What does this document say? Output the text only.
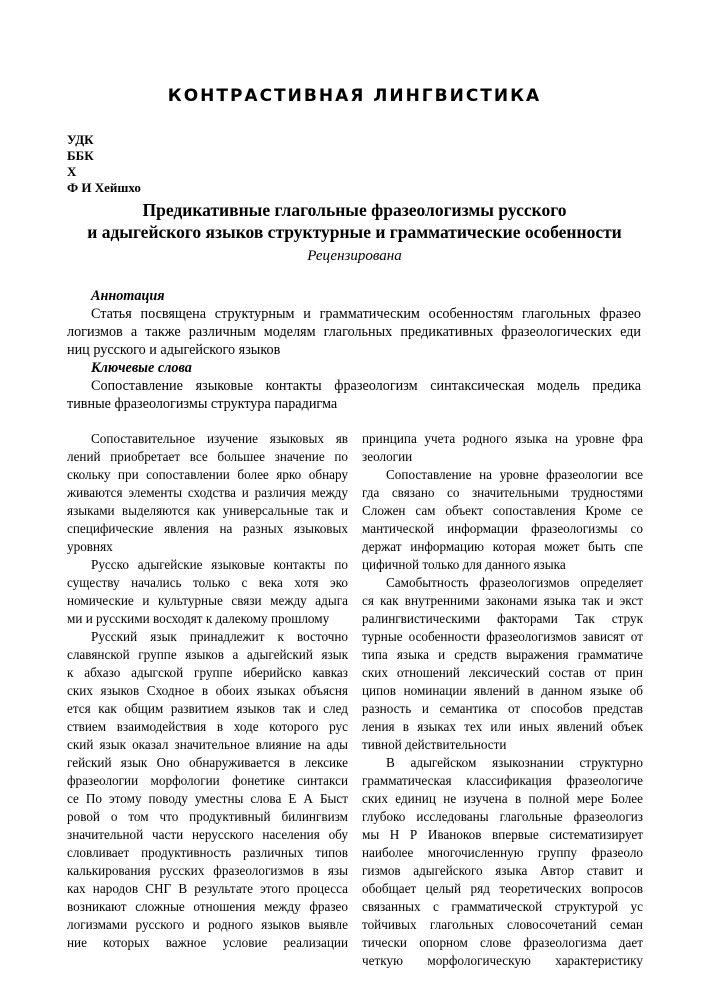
КОНТРАСТИВНАЯ ЛИНГВИСТИКА
УДК
ББК
Х
Ф И Хейшхо
Предикативные глагольные фразеологизмы русского
и адыгейского языков структурные и грамматические особенности
Рецензирована
Аннотация
Статья посвящена структурным и грамматическим особенностям глагольных фразео
логизмов а также различным моделям глагольных предикативных фразеологических еди
ниц русского и адыгейского языков
Ключевые слова
Сопоставление языковые контакты фразеологизм синтаксическая модель предика
тивные фразеологизмы структура парадигма
Сопоставительное изучение языковых яв
лений приобретает все большее значение по
скольку при сопоставлении более ярко обнару
живаются элементы сходства и различия между
языками выделяются как универсальные так и
специфические явления на разных языковых
уровнях
Русско адыгейские языковые контакты по
существу начались только с века хотя эко
номические и культурные связи между адыга
ми и русскими восходят к далекому прошлому
Русский язык принадлежит к восточно
славянской группе языков а адыгейский язык
к абхазо адыгской группе иберийско кавказ
ских языков Сходное в обоих языках объясня
ется как общим развитием языков так и след
ствием взаимодействия в ходе которого рус
ский язык оказал значительное влияние на ады
гейский язык Оно обнаруживается в лексике
фразеологии морфологии фонетике синтакси
се По этому поводу уместны слова Е А Быст
ровой о том что продуктивный билингвизм
значительной части нерусского населения обу
словливает продуктивность различных типов
калькирования русских фразеологизмов в язы
ках народов СНГ В результате этого процесса
возникают сложные отношения между фразео
логизмами русского и родного языков выявле
ние которых важное условие реализации
принципа учета родного языка на уровне фра
зеологии
Сопоставление на уровне фразеологии все
гда связано со значительными трудностями
Сложен сам объект сопоставления Кроме се
мантической информации фразеологизмы со
держат информацию которая может быть спе
цифичной только для данного языка
Самобытность фразеологизмов определяет
ся как внутренними законами языка так и экст
ралингвистическими факторами Так струк
турные особенности фразеологизмов зависят от
типа языка и средств выражения грамматиче
ских отношений лексический состав от прин
ципов номинации явлений в данном языке об
разность и семантика от способов представ
ления в языках тех или иных явлений объек
тивной действительности
В адыгейском языкознании структурно
грамматическая классификация фразеологиче
ских единиц не изучена в полной мере Более
глубоко исследованы глагольные фразеологиз
мы Н Р Иваноков впервые систематизирует
наиболее многочисленную группу фразеоло
гизмов адыгейского языка Автор ставит и
обобщает целый ряд теоретических вопросов
связанных с грамматической структурой ус
тойчивых глагольных словосочетаний семан
тически опорном слове фразеологизма дает
четкую морфологическую характеристику
